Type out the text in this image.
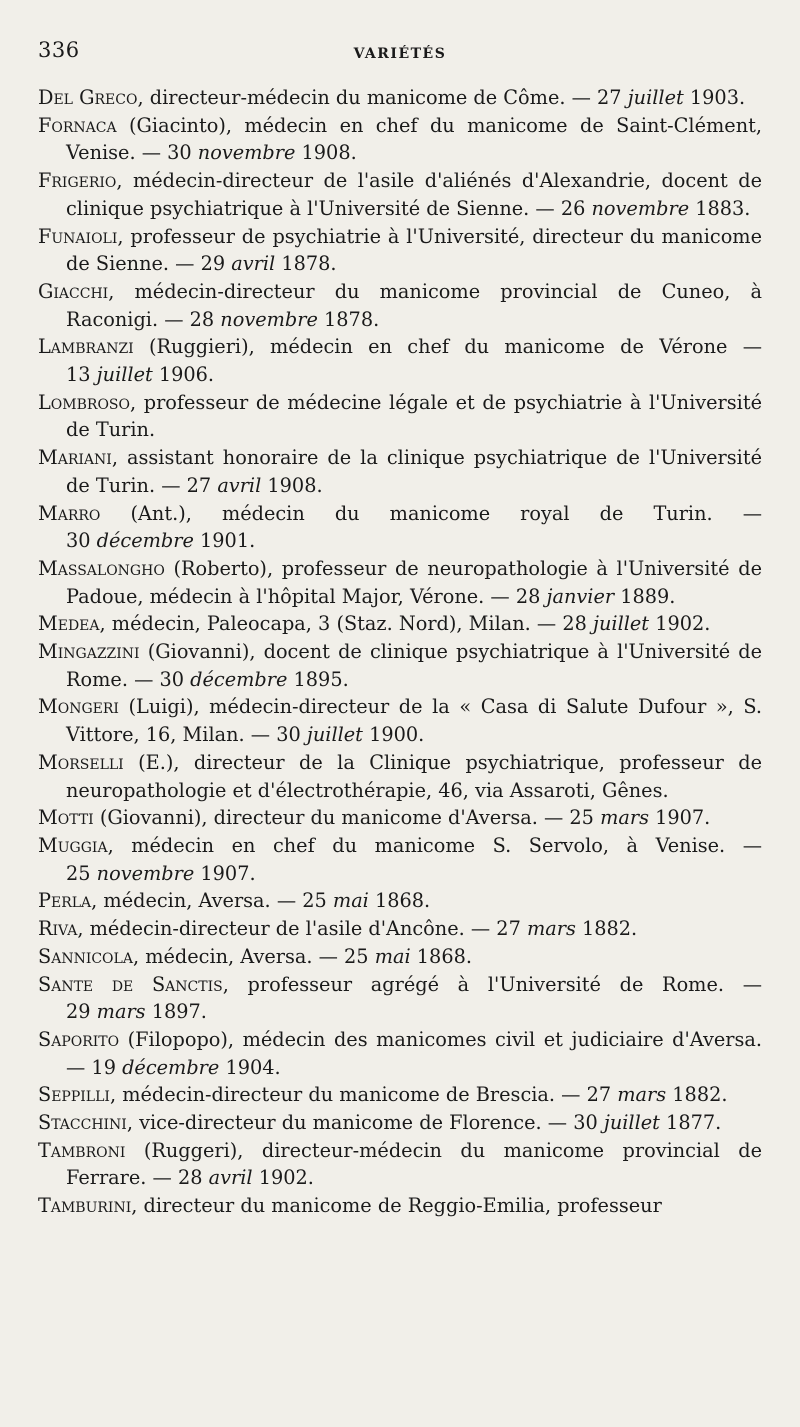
336	VARIÉTÉS
Del Greco, directeur-médecin du manicome de Côme. — 27 juillet 1903.
Fornaca (Giacinto), médecin en chef du manicome de Saint-Clément, Venise. — 30 novembre 1908.
Frigerio, médecin-directeur de l'asile d'aliénés d'Alexandrie, docent de clinique psychiatrique à l'Université de Sienne. — 26 novembre 1883.
Funaioli, professeur de psychiatrie à l'Université, directeur du manicome de Sienne. — 29 avril 1878.
Giacchi, médecin-directeur du manicome provincial de Cuneo, à Raconigi. — 28 novembre 1878.
Lambranzi (Ruggieri), médecin en chef du manicome de Vérone — 13 juillet 1906.
Lombroso, professeur de médecine légale et de psychiatrie à l'Université de Turin.
Mariani, assistant honoraire de la clinique psychiatrique de l'Université de Turin. — 27 avril 1908.
Marro (Ant.), médecin du manicome royal de Turin. — 30 décembre 1901.
Massalongho (Roberto), professeur de neuropathologie à l'Université de Padoue, médecin à l'hôpital Major, Vérone. — 28 janvier 1889.
Medea, médecin, Paleocapa, 3 (Staz. Nord), Milan. — 28 juillet 1902.
Mingazzini (Giovanni), docent de clinique psychiatrique à l'Université de Rome. — 30 décembre 1895.
Mongeri (Luigi), médecin-directeur de la « Casa di Salute Dufour », S. Vittore, 16, Milan. — 30 juillet 1900.
Morselli (E.), directeur de la Clinique psychiatrique, professeur de neuropathologie et d'électrothérapie, 46, via Assaroti, Gênes.
Motti (Giovanni), directeur du manicome d'Aversa. — 25 mars 1907.
Muggia, médecin en chef du manicome S. Servolo, à Venise. — 25 novembre 1907.
Perla, médecin, Aversa. — 25 mai 1868.
Riva, médecin-directeur de l'asile d'Ancône. — 27 mars 1882.
Sannicola, médecin, Aversa. — 25 mai 1868.
Sante de Sanctis, professeur agrégé à l'Université de Rome. — 29 mars 1897.
Saporito (Filopopo), médecin des manicomes civil et judiciaire d'Aversa. — 19 décembre 1904.
Seppilli, médecin-directeur du manicome de Brescia. — 27 mars 1882.
Stacchini, vice-directeur du manicome de Florence. — 30 juillet 1877.
Tambroni (Ruggeri), directeur-médecin du manicome provincial de Ferrare. — 28 avril 1902.
Tamburini, directeur du manicome de Reggio-Emilia, professeur
